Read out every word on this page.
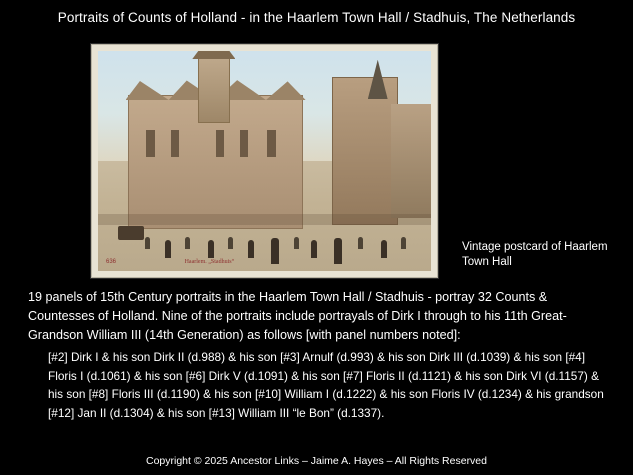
Portraits of Counts of Holland - in the Haarlem Town Hall / Stadhuis, The Netherlands
636	Haarlem. „Stadhuis“
Vintage postcard of Haarlem Town Hall
19 panels of 15th Century portraits in the Haarlem Town Hall / Stadhuis - portray 32 Counts & Countesses of Holland. Nine of the portraits include portrayals of Dirk I through to his 11th Great-Grandson William III (14th Generation) as follows [with panel numbers noted]:
[#2] Dirk I & his son Dirk II (d.988) & his son [#3] Arnulf (d.993) & his son Dirk III (d.1039) & his son [#4] Floris I (d.1061) & his son [#6] Dirk V (d.1091) & his son [#7] Floris II (d.1121) & his son Dirk VI (d.1157) & his son [#8] Floris III (d.1190) & his son [#10] William I (d.1222) & his son Floris IV (d.1234) & his grandson [#12] Jan II (d.1304) & his son [#13] William III “le Bon” (d.1337).
Copyright © 2025 Ancestor Links – Jaime A. Hayes – All Rights Reserved
